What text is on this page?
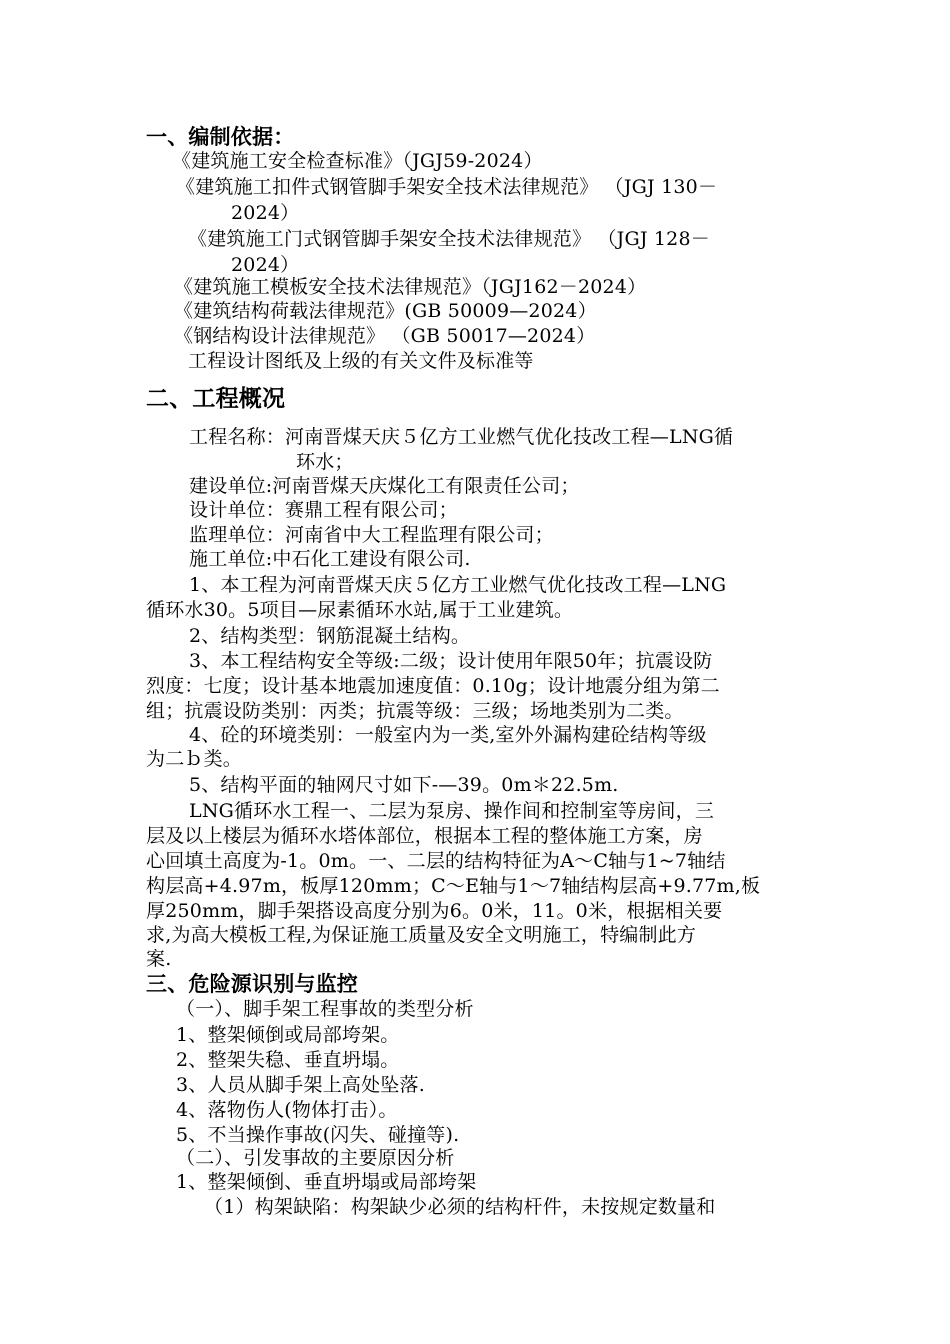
一、编制依据：
《建筑施工安全检查标准》（JGJ59-2024）
《建筑施工扣件式钢管脚手架安全技术法律规范》 （JGJ 130－
2024）
《建筑施工门式钢管脚手架安全技术法律规范》 （JGJ 128－
2024）
《建筑施工模板安全技术法律规范》（JGJ162－2024）
《建筑结构荷载法律规范》(GB 50009—2024）
《钢结构设计法律规范》 （GB 50017—2024）
工程设计图纸及上级的有关文件及标准等
二、工程概况
工程名称：河南晋煤天庆５亿方工业燃气优化技改工程—LNG循
环水；
建设单位:河南晋煤天庆煤化工有限责任公司；
设计单位：赛鼎工程有限公司；
监理单位：河南省中大工程监理有限公司；
施工单位:中石化工建设有限公司.
1、本工程为河南晋煤天庆５亿方工业燃气优化技改工程—LNG
循环水30。5项目—尿素循环水站,属于工业建筑。
2、结构类型：钢筋混凝土结构。
3、本工程结构安全等级:二级；设计使用年限50年；抗震设防
烈度：七度；设计基本地震加速度值：0.10g；设计地震分组为第二
组；抗震设防类别：丙类；抗震等级：三级；场地类别为二类。
4、砼的环境类别：一般室内为一类,室外外漏构建砼结构等级
为二ｂ类。
5、结构平面的轴网尺寸如下-—39。0m＊22.5m.
LNG循环水工程一、二层为泵房、操作间和控制室等房间，三
层及以上楼层为循环水塔体部位，根据本工程的整体施工方案，房
心回填土高度为-1。0m。一、二层的结构特征为A～C轴与1~7轴结
构层高+4.97m，板厚120mm；C～E轴与1～7轴结构层高+9.77m,板
厚250mm，脚手架搭设高度分别为6。0米，11。0米，根据相关要
求,为高大模板工程,为保证施工质量及安全文明施工，特编制此方
案.
三、危险源识别与监控
（一）、脚手架工程事故的类型分析
1、整架倾倒或局部垮架。
2、整架失稳、垂直坍塌。
3、人员从脚手架上高处坠落.
4、落物伤人(物体打击）。
5、不当操作事故(闪失、碰撞等).
（二）、引发事故的主要原因分析
1、整架倾倒、垂直坍塌或局部垮架
（1）构架缺陷：构架缺少必须的结构杆件，未按规定数量和
